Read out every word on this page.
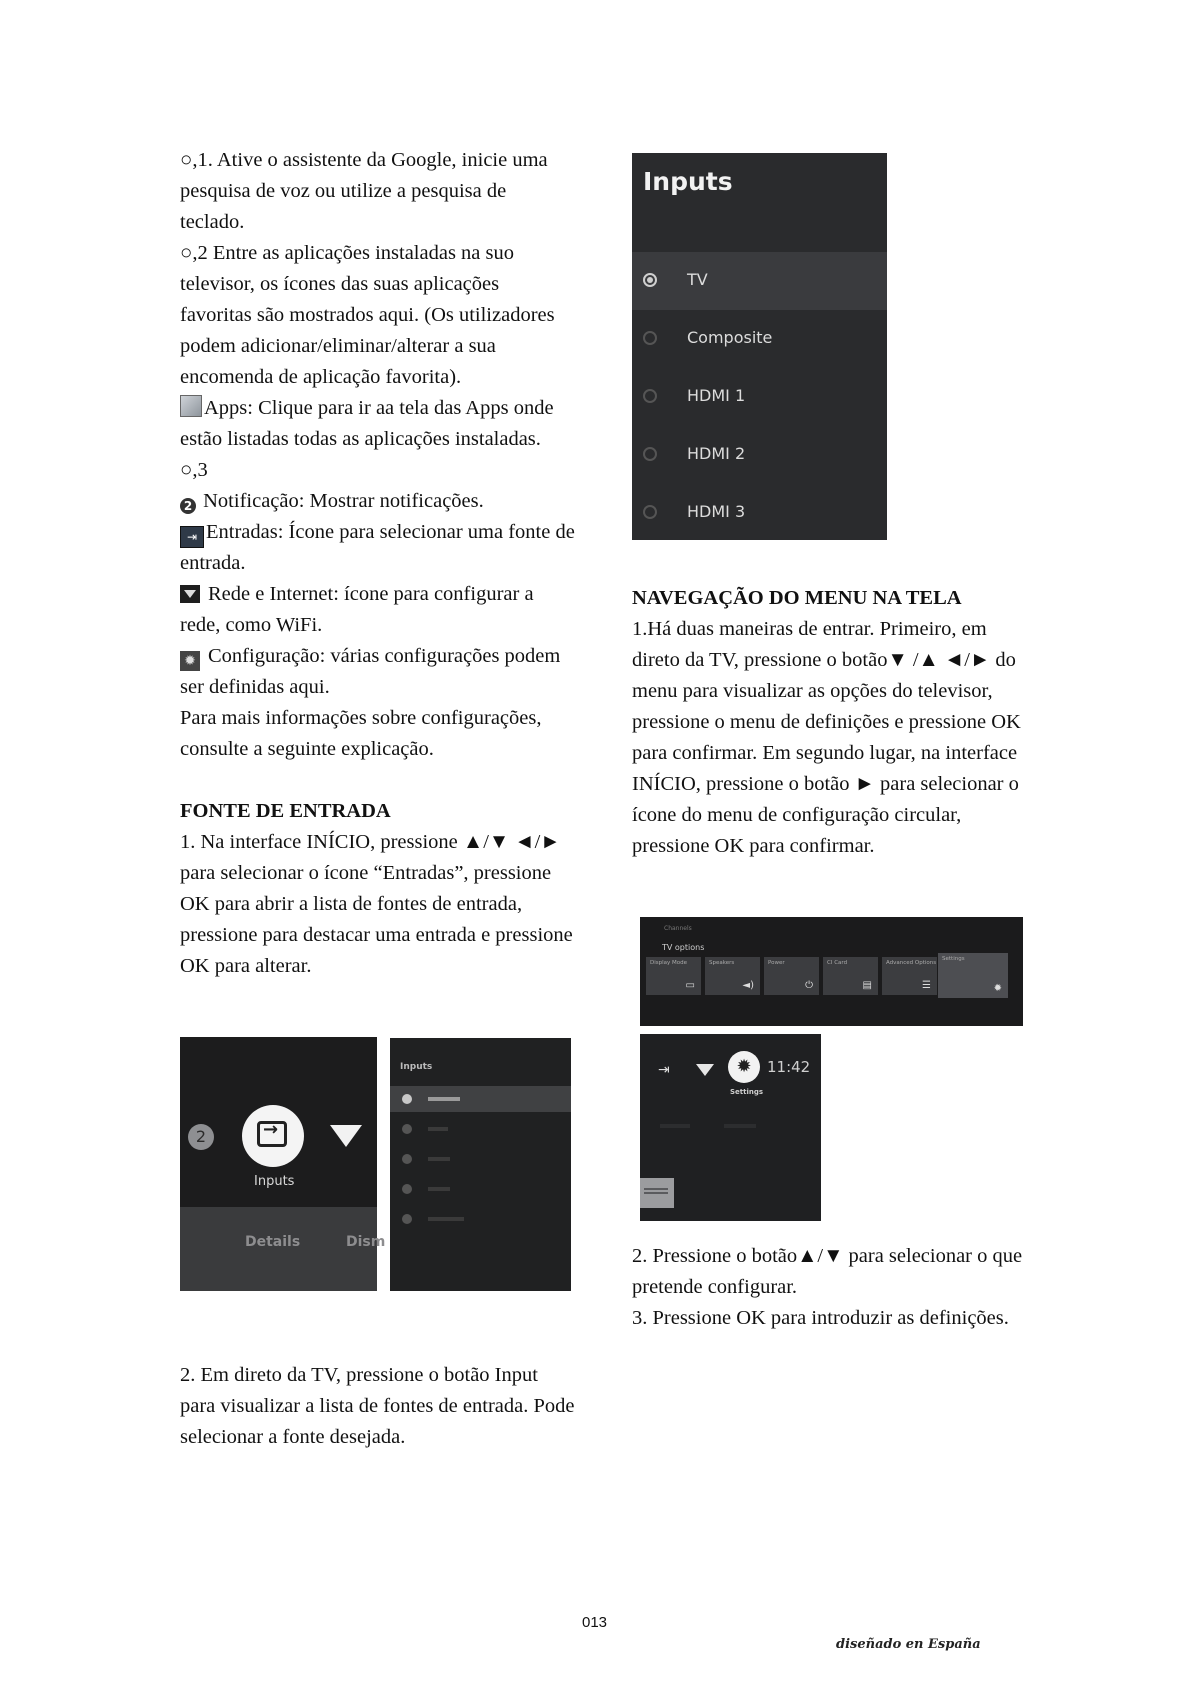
○,1. Ative o assistente da Google, inicie uma pesquisa de voz ou utilize a pesquisa de teclado.

○,2 Entre as aplicações instaladas na suo televisor, os ícones das suas aplicações favoritas são mostrados aqui. (Os utilizadores podem adicionar/eliminar/alterar a sua encomenda de aplicação favorita).

Apps: Clique para ir aa tela das Apps onde estão listadas todas as aplicações instaladas.

○,3

2 Notificação: Mostrar notificações.

⇥ Entradas: Ícone para selecionar uma fonte de entrada.

Rede e Internet: ícone para configurar a rede, como WiFi.

✹ Configuração: várias configurações podem ser definidas aqui.

Para mais informações sobre configurações, consulte a seguinte explicação.

FONTE DE ENTRADA

1. Na interface INÍCIO, pressione ▲/▼ ◄/► para selecionar o ícone “Entradas”, pressione OK para abrir a lista de fontes de entrada, pressione para destacar uma entrada e pressione OK para alterar.

2. Em direto da TV, pressione o botão Input para visualizar a lista de fontes de entrada. Pode selecionar a fonte desejada.

NAVEGAÇÃO DO MENU NA TELA

1.Há duas maneiras de entrar. Primeiro, em direto da TV, pressione o botão▼ /▲ ◄/► do menu para visualizar as opções do televisor, pressione o menu de definições e pressione OK para confirmar. Em segundo lugar, na interface INÍCIO, pressione o botão ► para selecionar o ícone do menu de configuração circular, pressione OK para confirmar.

2. Pressione o botão▲/▼ para selecionar o que pretende configurar.

3. Pressione OK para introduzir as definições.

Inputs
TV
Composite
HDMI 1
HDMI 2
HDMI 3
2
→
Inputs
Details	Dism
Inputs
Channels
TV options
Display Mode
▭
Speakers
◄)
Power
⏻
CI Card
▤
Advanced Options
☰
Settings
✹
⇥	✹	11:42
Settings
013
diseñado en España
